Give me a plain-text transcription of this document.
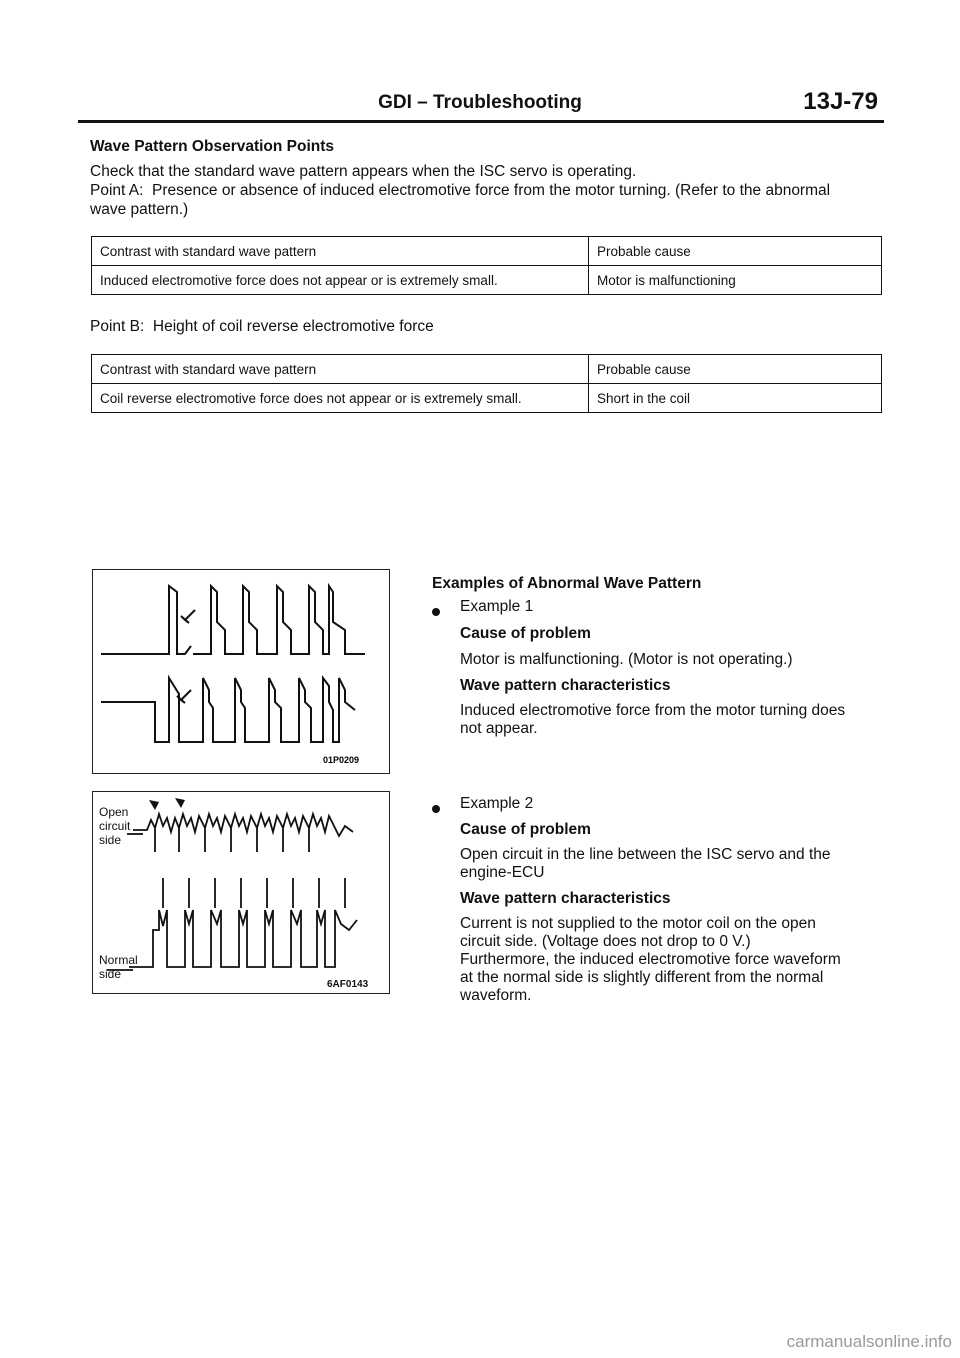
GDI – Troubleshooting	13J-79
Wave Pattern Observation Points
Check that the standard wave pattern appears when the ISC servo is operating.
Point A:  Presence or absence of induced electromotive force from the motor turning. (Refer to the abnormal
wave pattern.)
Contrast with standard wave pattern	Probable cause
Induced electromotive force does not appear or is extremely small.	Motor is malfunctioning
Point B:  Height of coil reverse electromotive force
Contrast with standard wave pattern	Probable cause
Coil reverse electromotive force does not appear or is extremely small.	Short in the coil
01P0209
Open
circuit
side
Normal
side
6AF0143
Examples of Abnormal Wave Pattern
Example 1
Cause of problem
Motor is malfunctioning. (Motor is not operating.)
Wave pattern characteristics
Induced electromotive force from the motor turning does
not appear.
Example 2
Cause of problem
Open circuit in the line between the ISC servo and the
engine-ECU
Wave pattern characteristics
Current is not supplied to the motor coil on the open
circuit side. (Voltage does not drop to 0 V.)
Furthermore, the induced electromotive force waveform
at the normal side is slightly different from the normal
waveform.
carmanualsonline.info
